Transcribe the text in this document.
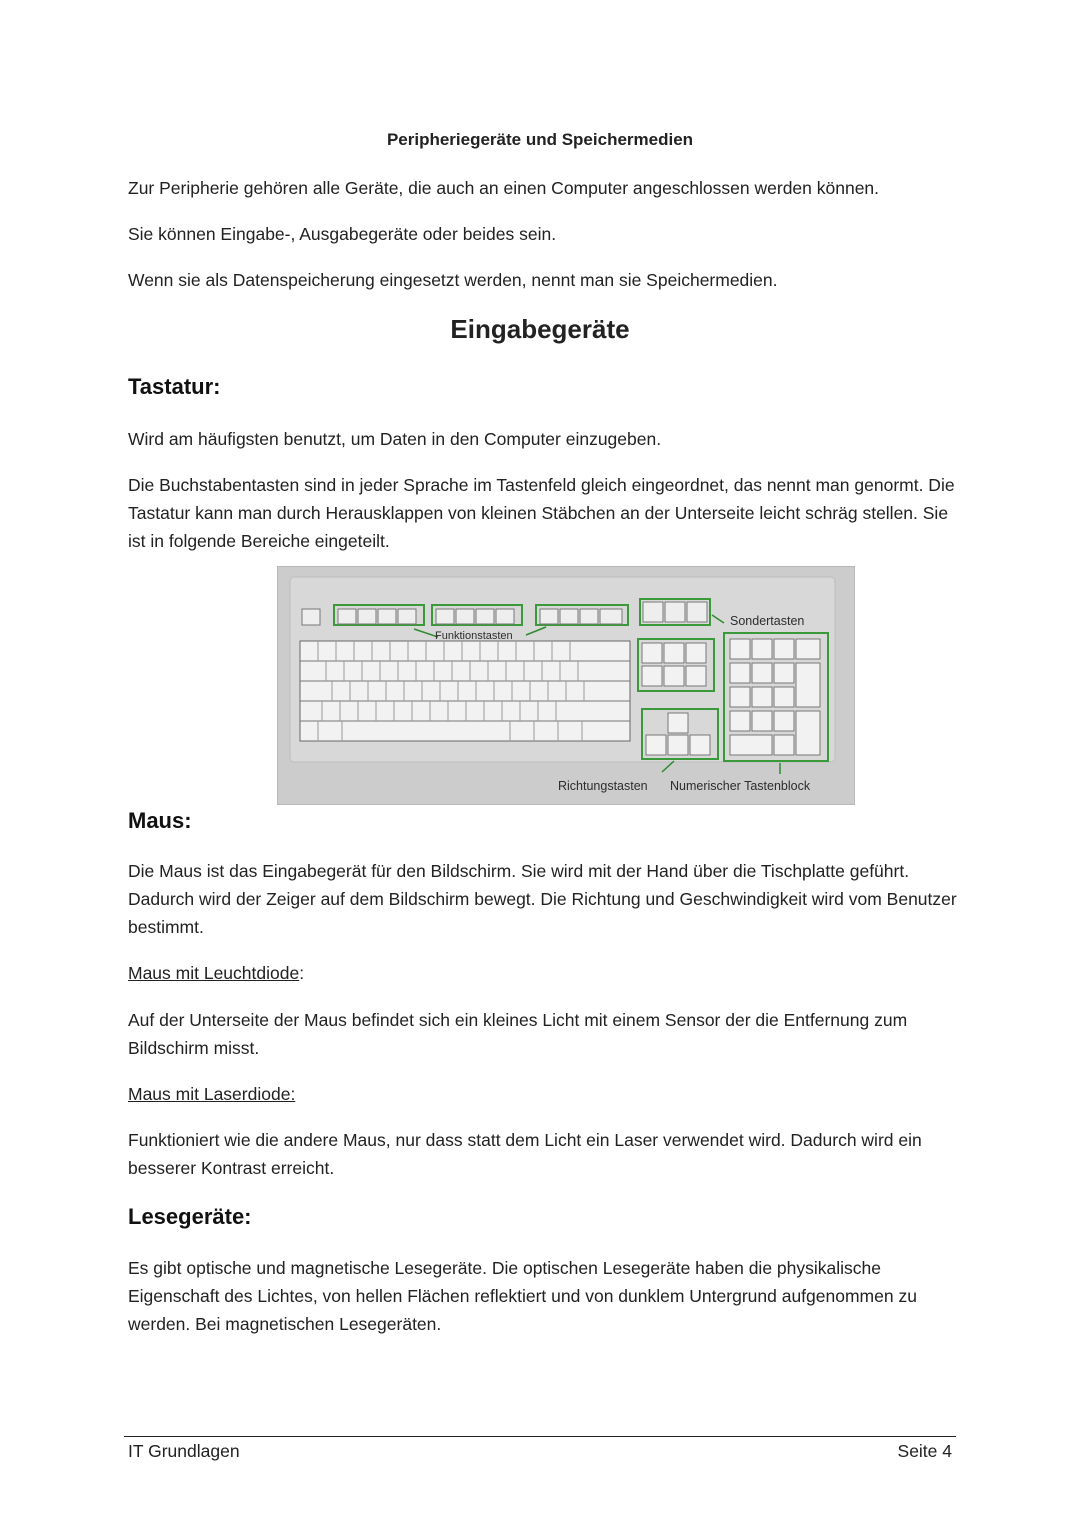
Peripheriegeräte und Speichermedien

Zur Peripherie gehören alle Geräte, die auch an einen Computer angeschlossen werden können.

Sie können Eingabe-, Ausgabegeräte oder beides sein.

Wenn sie als Datenspeicherung eingesetzt werden, nennt man sie Speichermedien.

Eingabegeräte
Tastatur:

Wird am häufigsten benutzt, um Daten in den Computer einzugeben.

Die Buchstabentasten sind in jeder Sprache im Tastenfeld gleich eingeordnet, das nennt man genormt. Die Tastatur kann man durch Herausklappen von kleinen Stäbchen an der Unterseite leicht schräg stellen. Sie ist in folgende Bereiche eingeteilt.

Funktionstasten
Sondertasten
Richtungstasten Numerischer Tastenblock
Maus:

Die Maus ist das Eingabegerät für den Bildschirm. Sie wird mit der Hand über die Tischplatte geführt. Dadurch wird der Zeiger auf dem Bildschirm bewegt. Die Richtung und Geschwindigkeit wird vom Benutzer bestimmt.

Maus mit Leuchtdiode:

Auf der Unterseite der Maus befindet sich ein kleines Licht mit einem Sensor der die Entfernung zum Bildschirm misst.

Maus mit Laserdiode:

Funktioniert wie die andere Maus, nur dass statt dem Licht ein Laser verwendet wird. Dadurch wird ein besserer Kontrast erreicht.

Lesegeräte:

Es gibt optische und magnetische Lesegeräte. Die optischen Lesegeräte haben die physikalische Eigenschaft des Lichtes, von hellen Flächen reflektiert und von dunklem Untergrund aufgenommen zu werden. Bei magnetischen Lesegeräten.

IT Grundlagen	Seite 4
